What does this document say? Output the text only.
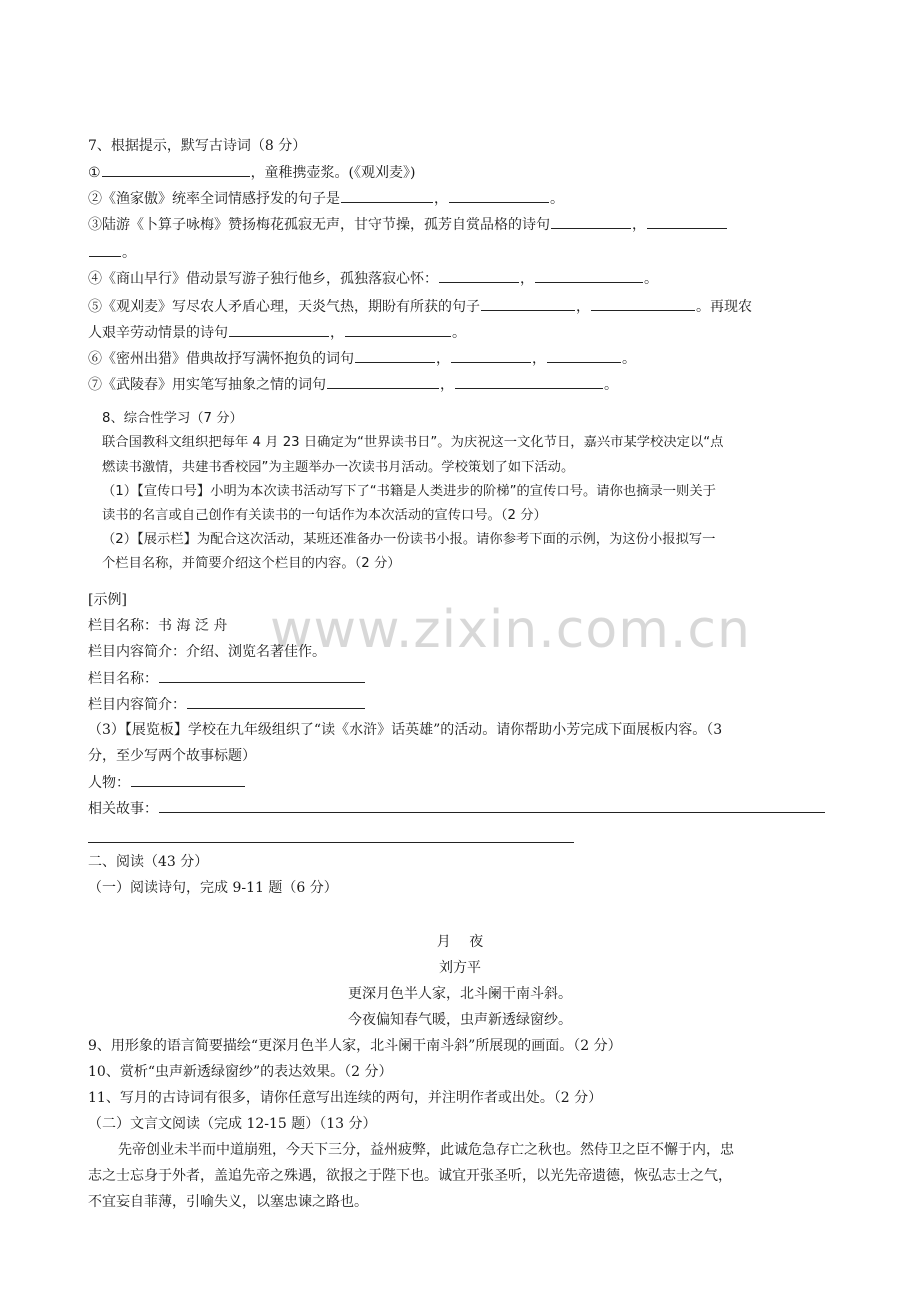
www.zixin.com.cn
7、根据提示，默写古诗词（8 分）
①	，童稚携壶浆。(《观刈麦》)
②《渔家傲》统率全词情感抒发的句子是	，	。
③陆游《卜算子咏梅》赞扬梅花孤寂无声，甘守节操，孤芳自赏品格的诗句	，
。
④《商山早行》借动景写游子独行他乡，孤独落寂心怀：	，	。
⑤《观刈麦》写尽农人矛盾心理，天炎气热，期盼有所获的句子	，	。再现农
人艰辛劳动情景的诗句	，	。
⑥《密州出猎》借典故抒写满怀抱负的词句	，	，	。
⑦《武陵春》用实笔写抽象之情的词句	，	。
8、综合性学习（7 分）
联合国教科文组织把每年 4 月 23 日确定为“世界读书日”。为庆祝这一文化节日，嘉兴市某学校决定以“点
燃读书激情，共建书香校园”为主题举办一次读书月活动。学校策划了如下活动。
（1）【宣传口号】小明为本次读书活动写下了“书籍是人类进步的阶梯”的宣传口号。请你也摘录一则关于
读书的名言或自己创作有关读书的一句话作为本次活动的宣传口号。（2 分）
（2）【展示栏】为配合这次活动，某班还准备办一份读书小报。请你参考下面的示例，为这份小报拟写一
个栏目名称，并简要介绍这个栏目的内容。（2 分）
[示例]
栏目名称：书 海 泛 舟
栏目内容简介：介绍、浏览名著佳作。
栏目名称：
栏目内容简介：
（3）【展览板】学校在九年级组织了“读《水浒》话英雄”的活动。请你帮助小芳完成下面展板内容。（3
分，至少写两个故事标题）
人物：
相关故事：
二、阅读（43 分）
（一）阅读诗句，完成 9-11 题（6 分）
月　 夜
刘方平
更深月色半人家，北斗阑干南斗斜。
今夜偏知春气暖，虫声新透绿窗纱。
9、用形象的语言简要描绘“更深月色半人家，北斗阑干南斗斜”所展现的画面。（2 分）
10、赏析“虫声新透绿窗纱”的表达效果。（2 分）
11、写月的古诗词有很多，请你任意写出连续的两句，并注明作者或出处。（2 分）
（二）文言文阅读（完成 12-15 题）（13 分）
先帝创业未半而中道崩殂，今天下三分，益州疲弊，此诚危急存亡之秋也。然侍卫之臣不懈于内，忠
志之士忘身于外者，盖追先帝之殊遇，欲报之于陛下也。诚宜开张圣听，以光先帝遗德，恢弘志士之气，
不宜妄自菲薄，引喻失义，以塞忠谏之路也。
